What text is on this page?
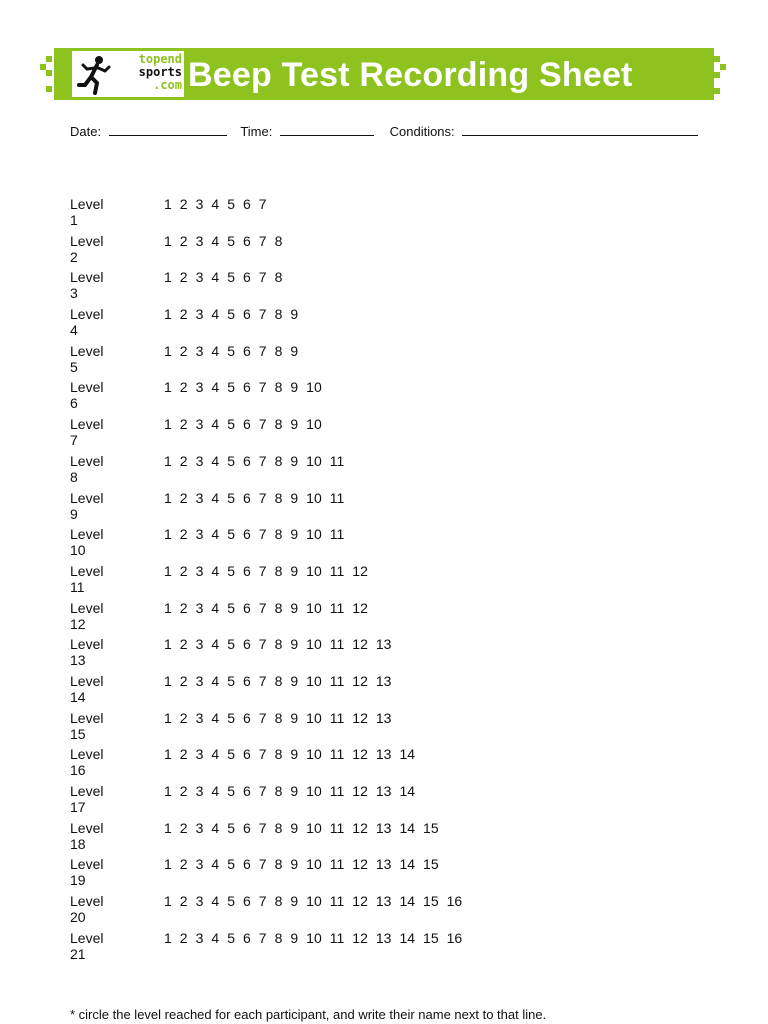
topend
sports
.com Beep Test Recording Sheet
Date:	Time:	Conditions:
Level 1
1 2 3 4 5 6 7
Level 2
1 2 3 4 5 6 7 8
Level 3
1 2 3 4 5 6 7 8
Level 4
1 2 3 4 5 6 7 8 9
Level 5
1 2 3 4 5 6 7 8 9
Level 6
1 2 3 4 5 6 7 8 9 10
Level 7
1 2 3 4 5 6 7 8 9 10
Level 8
1 2 3 4 5 6 7 8 9 10 11
Level 9
1 2 3 4 5 6 7 8 9 10 11
Level 10
1 2 3 4 5 6 7 8 9 10 11
Level 11
1 2 3 4 5 6 7 8 9 10 11 12
Level 12
1 2 3 4 5 6 7 8 9 10 11 12
Level 13
1 2 3 4 5 6 7 8 9 10 11 12 13
Level 14
1 2 3 4 5 6 7 8 9 10 11 12 13
Level 15
1 2 3 4 5 6 7 8 9 10 11 12 13
Level 16
1 2 3 4 5 6 7 8 9 10 11 12 13 14
Level 17
1 2 3 4 5 6 7 8 9 10 11 12 13 14
Level 18
1 2 3 4 5 6 7 8 9 10 11 12 13 14 15
Level 19
1 2 3 4 5 6 7 8 9 10 11 12 13 14 15
Level 20
1 2 3 4 5 6 7 8 9 10 11 12 13 14 15 16
Level 21
1 2 3 4 5 6 7 8 9 10 11 12 13 14 15 16
* circle the level reached for each participant, and write their name next to that line.
